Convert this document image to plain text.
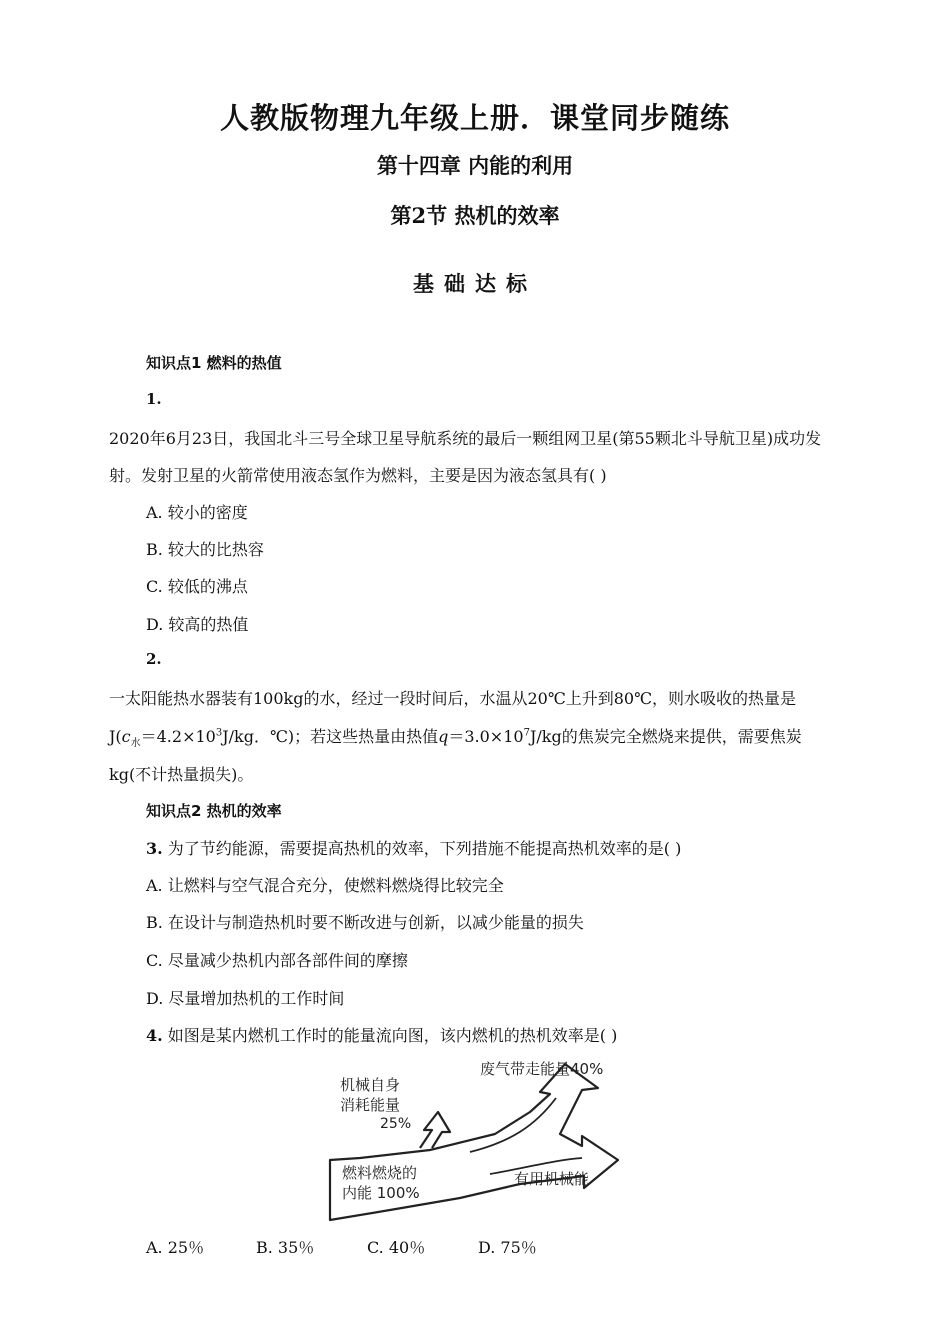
人教版物理九年级上册．课堂同步随练
第十四章 内能的利用
第2节 热机的效率
基础达标
知识点1 燃料的热值
1.
2020年6月23日，我国北斗三号全球卫星导航系统的最后一颗组网卫星(第55颗北斗导航卫星)成功发
射。发射卫星的火箭常使用液态氢作为燃料，主要是因为液态氢具有( )
A. 较小的密度
B. 较大的比热容
C. 较低的沸点
D. 较高的热值
2.
一太阳能热水器装有100kg的水，经过一段时间后，水温从20℃上升到80℃，则水吸收的热量是
$J(c_水=4.2\times 10^3J/kg$．℃)；若这些热量由热值$q=3.0\times 10^7J/kg$的焦炭完全燃烧来提供，需要焦炭
kg(不计热量损失)。
知识点2 热机的效率
3. 为了节约能源，需要提高热机的效率，下列措施不能提高热机效率的是( )
A. 让燃料与空气混合充分，使燃料燃烧得比较完全
B. 在设计与制造热机时要不断改进与创新，以减少能量的损失
C. 尽量减少热机内部各部件间的摩擦
D. 尽量增加热机的工作时间
4. 如图是某内燃机工作时的能量流向图，该内燃机的热机效率是( )
机械自身
消耗能量
25%
废气带走能量40%
燃料燃烧的
内能 100%
有用机械能
A. 25％	B. 35％	C. 40％	D. 75％
